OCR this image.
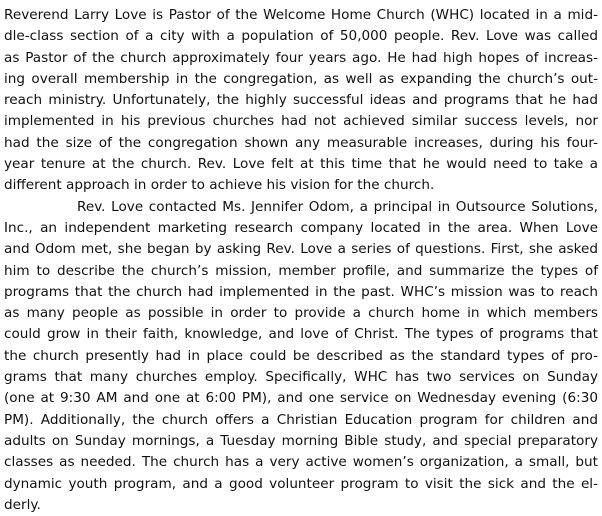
Reverend Larry Love is Pastor of the Welcome Home Church (WHC) located in a mid-
dle-class section of a city with a population of 50,000 people. Rev. Love was called
as Pastor of the church approximately four years ago. He had high hopes of increas-
ing overall membership in the congregation, as well as expanding the church’s out-
reach ministry. Unfortunately, the highly successful ideas and programs that he had
implemented in his previous churches had not achieved similar success levels, nor
had the size of the congregation shown any measurable increases, during his four-
year tenure at the church. Rev. Love felt at this time that he would need to take a
different approach in order to achieve his vision for the church.

Rev. Love contacted Ms. Jennifer Odom, a principal in Outsource Solutions,
Inc., an independent marketing research company located in the area. When Love
and Odom met, she began by asking Rev. Love a series of questions. First, she asked
him to describe the church’s mission, member profile, and summarize the types of
programs that the church had implemented in the past. WHC’s mission was to reach
as many people as possible in order to provide a church home in which members
could grow in their faith, knowledge, and love of Christ. The types of programs that
the church presently had in place could be described as the standard types of pro-
grams that many churches employ. Specifically, WHC has two services on Sunday
(one at 9:30 AM and one at 6:00 PM), and one service on Wednesday evening (6:30
PM). Additionally, the church offers a Christian Education program for children and
adults on Sunday mornings, a Tuesday morning Bible study, and special preparatory
classes as needed. The church has a very active women’s organization, a small, but
dynamic youth program, and a good volunteer program to visit the sick and the el-
derly.
